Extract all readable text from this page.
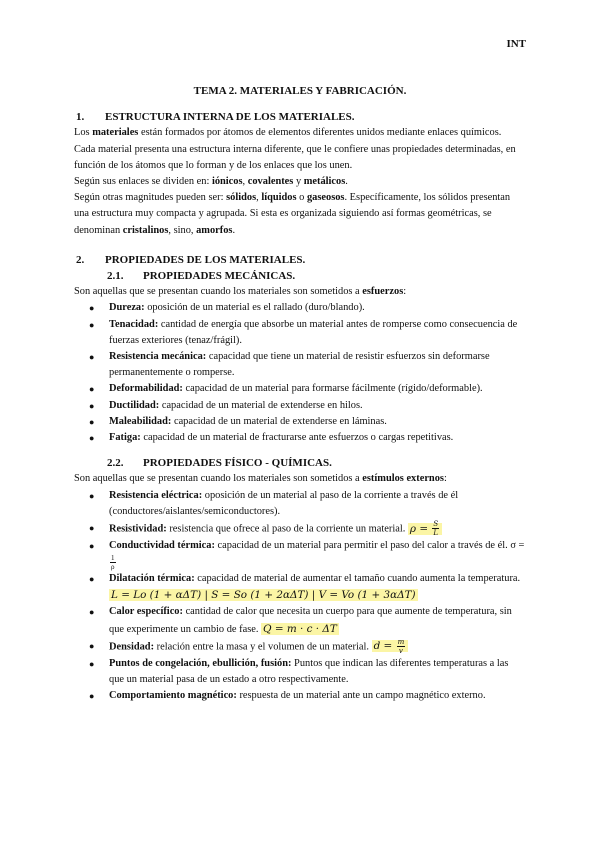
INT
TEMA 2. MATERIALES Y FABRICACIÓN.
1. ESTRUCTURA INTERNA DE LOS MATERIALES.

Los materiales están formados por átomos de elementos diferentes unidos mediante enlaces químicos.

Cada material presenta una estructura interna diferente, que le confiere unas propiedades determinadas, en función de los átomos que lo forman y de los enlaces que los unen.

Según sus enlaces se dividen en: iónicos, covalentes y metálicos.

Según otras magnitudes pueden ser: sólidos, líquidos o gaseosos. Específicamente, los sólidos presentan una estructura muy compacta y agrupada. Si esta es organizada siguiendo así formas geométricas, se denominan cristalinos, sino, amorfos.

2. PROPIEDADES DE LOS MATERIALES.
2.1. PROPIEDADES MECÁNICAS.

Son aquellas que se presentan cuando los materiales son sometidos a esfuerzos:

● Dureza: oposición de un material es el rallado (duro/blando).
● Tenacidad: cantidad de energía que absorbe un material antes de romperse como consecuencia de fuerzas exteriores (tenaz/frágil).
● Resistencia mecánica: capacidad que tiene un material de resistir esfuerzos sin deformarse permanentemente o romperse.
● Deformabilidad: capacidad de un material para formarse fácilmente (rígido/deformable).
● Ductilidad: capacidad de un material de extenderse en hilos.
● Maleabilidad: capacidad de un material de extenderse en láminas.
● Fatiga: capacidad de un material de fracturarse ante esfuerzos o cargas repetitivas.
2.2. PROPIEDADES FÍSICO - QUÍMICAS.

Son aquellas que se presentan cuando los materiales son sometidos a estímulos externos:

● Resistencia eléctrica: oposición de un material al paso de la corriente a través de él (conductores/aislantes/semiconductores).
● Resistividad: resistencia que ofrece al paso de la corriente un material. $\rho = \frac{S}{L}$
● Conductividad térmica: capacidad de un material para permitir el paso del calor a través de él. σ =
$\frac{1}{\rho}$
● Dilatación térmica: capacidad de material de aumentar el tamaño cuando aumenta la temperatura. L = Lo (1 + αΔT) | S = So (1 + 2αΔT) | V = Vo (1 + 3αΔT)
● Calor específico: cantidad de calor que necesita un cuerpo para que aumente de temperatura, sin que experimente un cambio de fase. Q = m · c · ΔT
● Densidad: relación entre la masa y el volumen de un material. $d = \frac{m}{v}$
● Puntos de congelación, ebullición, fusión: Puntos que indican las diferentes temperaturas a las que un material pasa de un estado a otro respectivamente.
● Comportamiento magnético: respuesta de un material ante un campo magnético externo.
